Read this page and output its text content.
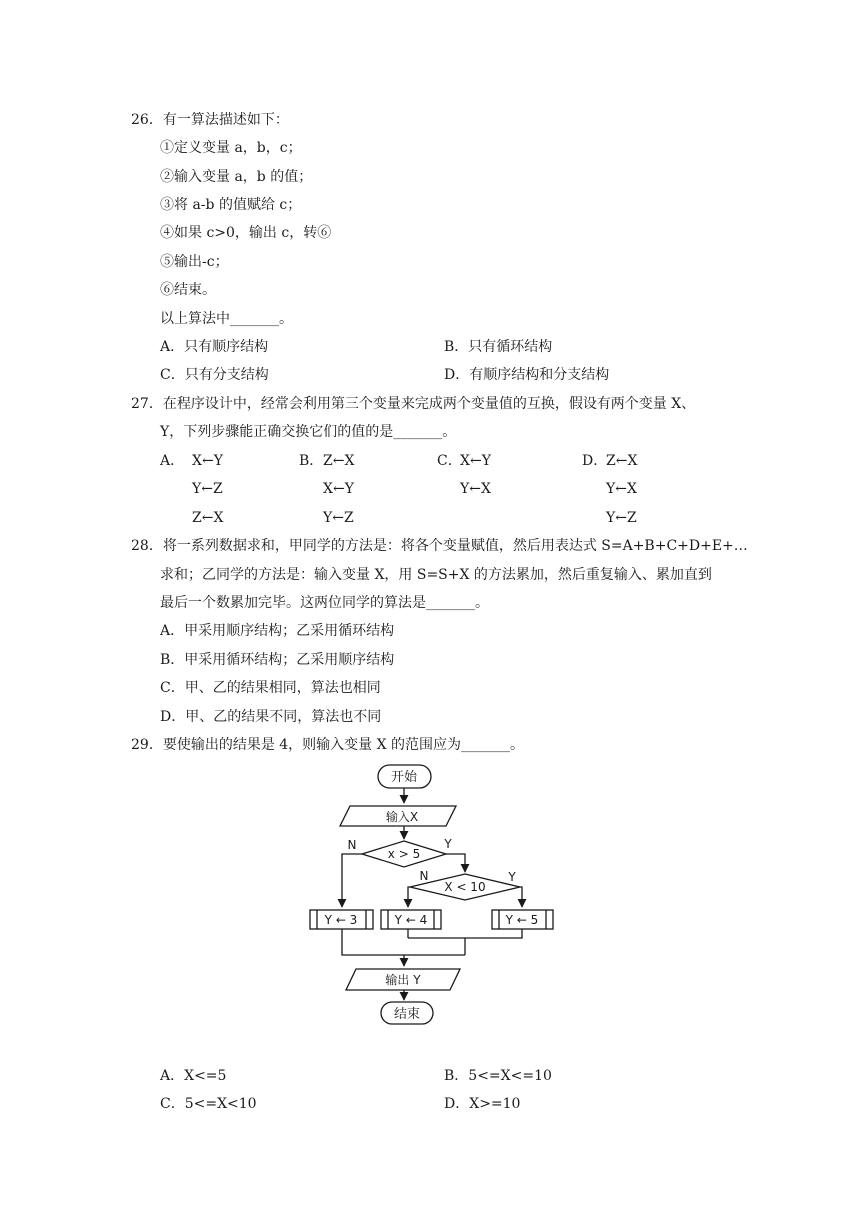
26．有一算法描述如下：
①定义变量 a，b，c；
②输入变量 a，b 的值；
③将 a-b 的值赋给 c；
④如果 c>0，输出 c，转⑥
⑤输出-c；
⑥结束。
以上算法中_______。
A．只有顺序结构	B．只有循环结构
C．只有分支结构	D．有顺序结构和分支结构
27．在程序设计中，经常会利用第三个变量来完成两个变量值的互换，假设有两个变量 X、
Y，下列步骤能正确交换它们的值的是_______。
A． X←Y
Y←Z
Z←X
B． Z←X
X←Y
Y←Z
C．
X←Y
Y←X
D．
Z←X
Y←X
Y←Z
28．将一系列数据求和，甲同学的方法是：将各个变量赋值，然后用表达式 S=A+B+C+D+E+…
求和；乙同学的方法是：输入变量 X，用 S=S+X 的方法累加，然后重复输入、累加直到
最后一个数累加完毕。这两位同学的算法是_______。
A．甲采用顺序结构；乙采用循环结构
B．甲采用循环结构；乙采用顺序结构
C．甲、乙的结果相同，算法也相同
D．甲、乙的结果不同，算法也不同
29．要使输出的结果是 4，则输入变量 X 的范围应为_______。
开始
输入X
x > 5
N	Y
X < 10
N	Y
Y ← 3	Y ← 4	Y ← 5
输出 Y
结束
A．X<=5	B．5<=X<=10
C．5<=X<10	D．X>=10
